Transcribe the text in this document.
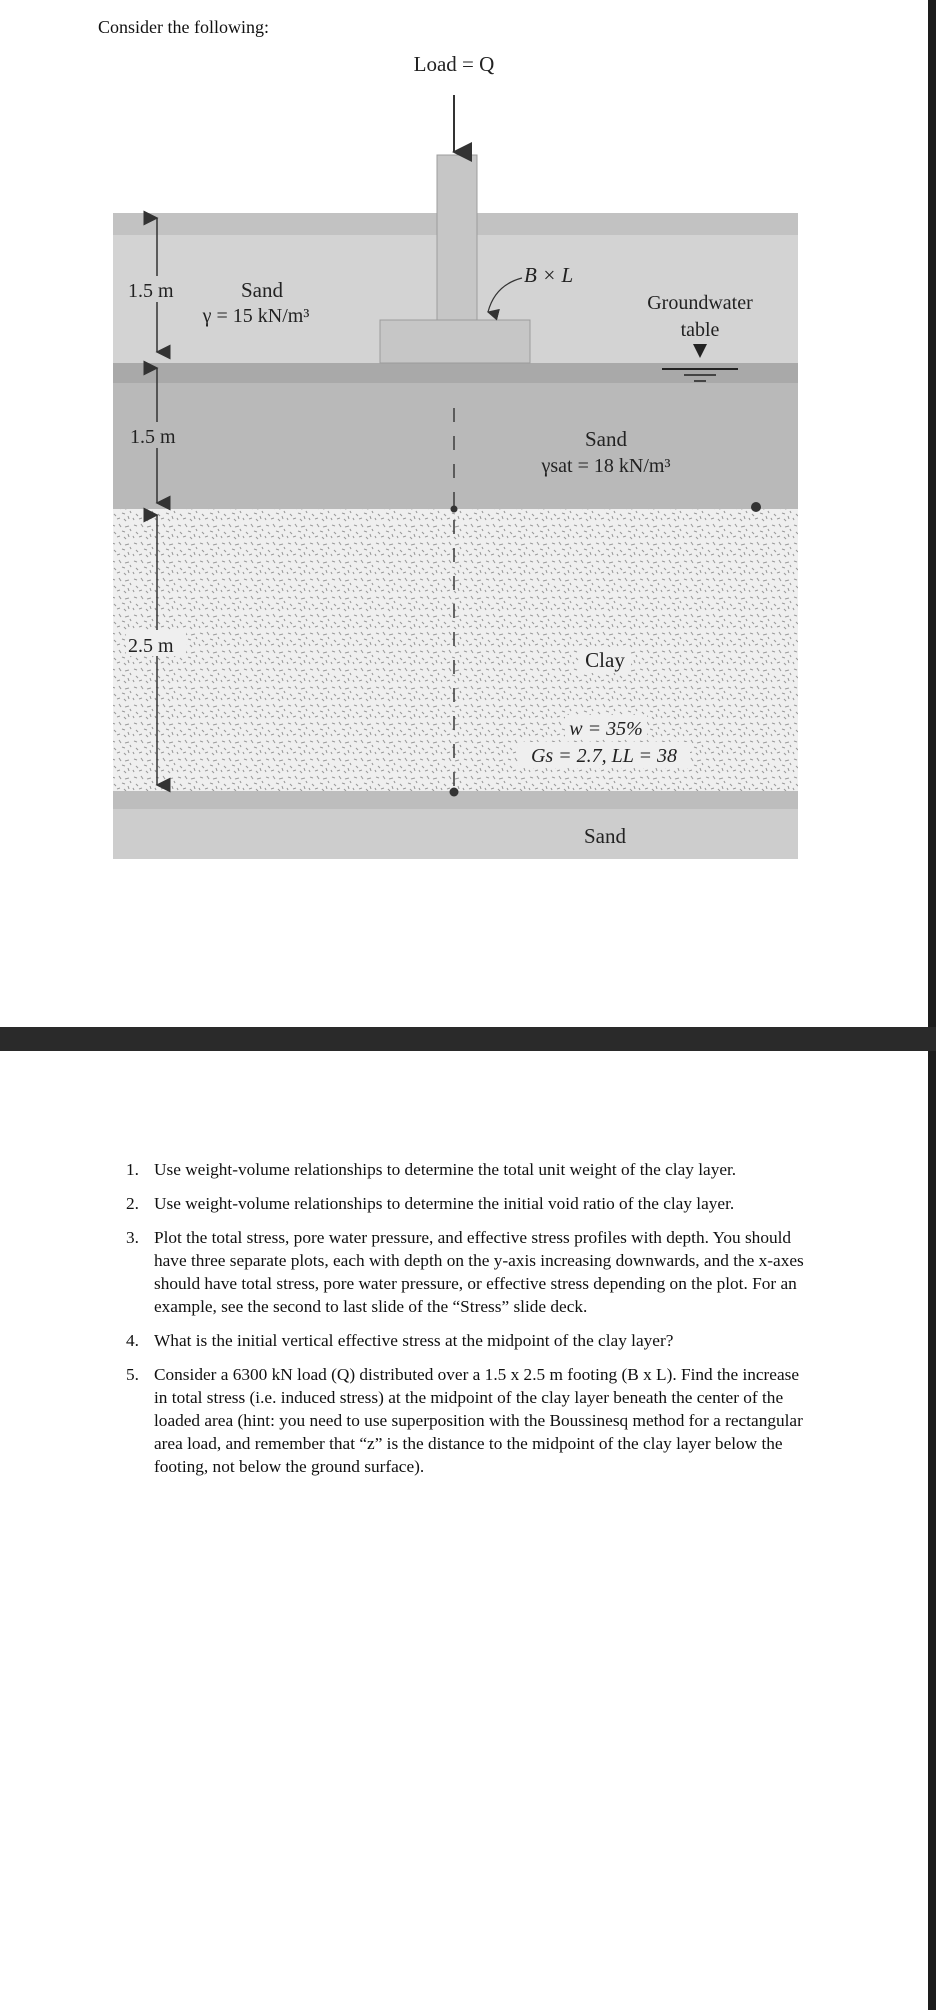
Consider the following:
Load = Q
B × L
Groundwater
table
1.5 m	Sand
γ = 15 kN/m³
1.5 m	Sand
γsat = 18 kN/m³
2.5 m
Clay
w = 35%
Gs = 2.7, LL = 38
Sand
1. Use weight-volume relationships to determine the total unit weight of the clay layer.

2. Use weight-volume relationships to determine the initial void ratio of the clay layer.

3. Plot the total stress, pore water pressure, and effective stress profiles with depth. You should have three separate plots, each with depth on the y-axis increasing downwards, and the x-axes should have total stress, pore water pressure, or effective stress depending on the plot. For an example, see the second to last slide of the “Stress” slide deck.

4. What is the initial vertical effective stress at the midpoint of the clay layer?

5. Consider a 6300 kN load (Q) distributed over a 1.5 x 2.5 m footing (B x L). Find the increase in total stress (i.e. induced stress) at the midpoint of the clay layer beneath the center of the loaded area (hint: you need to use superposition with the Boussinesq method for a rectangular area load, and remember that “z” is the distance to the midpoint of the clay layer below the footing, not below the ground surface).
